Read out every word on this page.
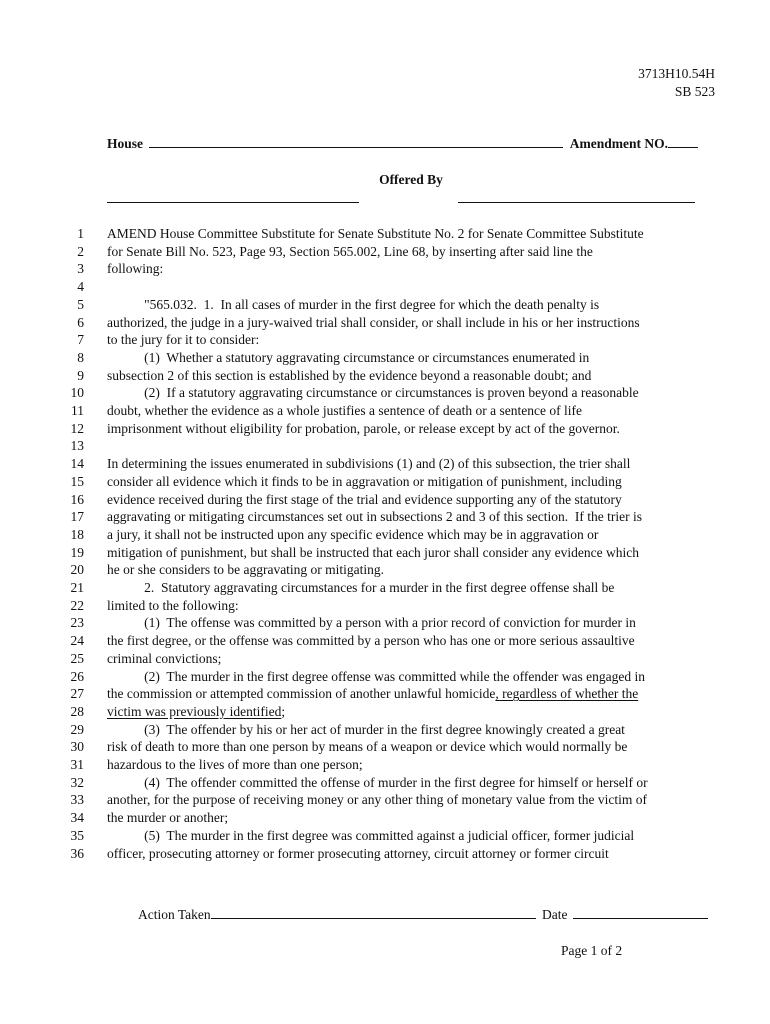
3713H10.54H
SB 523
House	Amendment NO.
Offered By
1 AMEND House Committee Substitute for Senate Substitute No. 2 for Senate Committee Substitute
2 for Senate Bill No. 523, Page 93, Section 565.002, Line 68, by inserting after said line the
3 following:
4
5 "565.032.  1.  In all cases of murder in the first degree for which the death penalty is
6 authorized, the judge in a jury-waived trial shall consider, or shall include in his or her instructions
7 to the jury for it to consider:
8 (1)  Whether a statutory aggravating circumstance or circumstances enumerated in
9 subsection 2 of this section is established by the evidence beyond a reasonable doubt; and
10 (2)  If a statutory aggravating circumstance or circumstances is proven beyond a reasonable
11 doubt, whether the evidence as a whole justifies a sentence of death or a sentence of life
12 imprisonment without eligibility for probation, parole, or release except by act of the governor.
13
14 In determining the issues enumerated in subdivisions (1) and (2) of this subsection, the trier shall
15 consider all evidence which it finds to be in aggravation or mitigation of punishment, including
16 evidence received during the first stage of the trial and evidence supporting any of the statutory
17 aggravating or mitigating circumstances set out in subsections 2 and 3 of this section.  If the trier is
18 a jury, it shall not be instructed upon any specific evidence which may be in aggravation or
19 mitigation of punishment, but shall be instructed that each juror shall consider any evidence which
20 he or she considers to be aggravating or mitigating.
21 2.  Statutory aggravating circumstances for a murder in the first degree offense shall be
22 limited to the following:
23 (1)  The offense was committed by a person with a prior record of conviction for murder in
24 the first degree, or the offense was committed by a person who has one or more serious assaultive
25 criminal convictions;
26 (2)  The murder in the first degree offense was committed while the offender was engaged in
27 the commission or attempted commission of another unlawful homicide, regardless of whether the
28 victim was previously identified;
29 (3)  The offender by his or her act of murder in the first degree knowingly created a great
30 risk of death to more than one person by means of a weapon or device which would normally be
31 hazardous to the lives of more than one person;
32 (4)  The offender committed the offense of murder in the first degree for himself or herself or
33 another, for the purpose of receiving money or any other thing of monetary value from the victim of
34 the murder or another;
35 (5)  The murder in the first degree was committed against a judicial officer, former judicial
36 officer, prosecuting attorney or former prosecuting attorney, circuit attorney or former circuit
Action Taken	Date
Page 1 of 2
